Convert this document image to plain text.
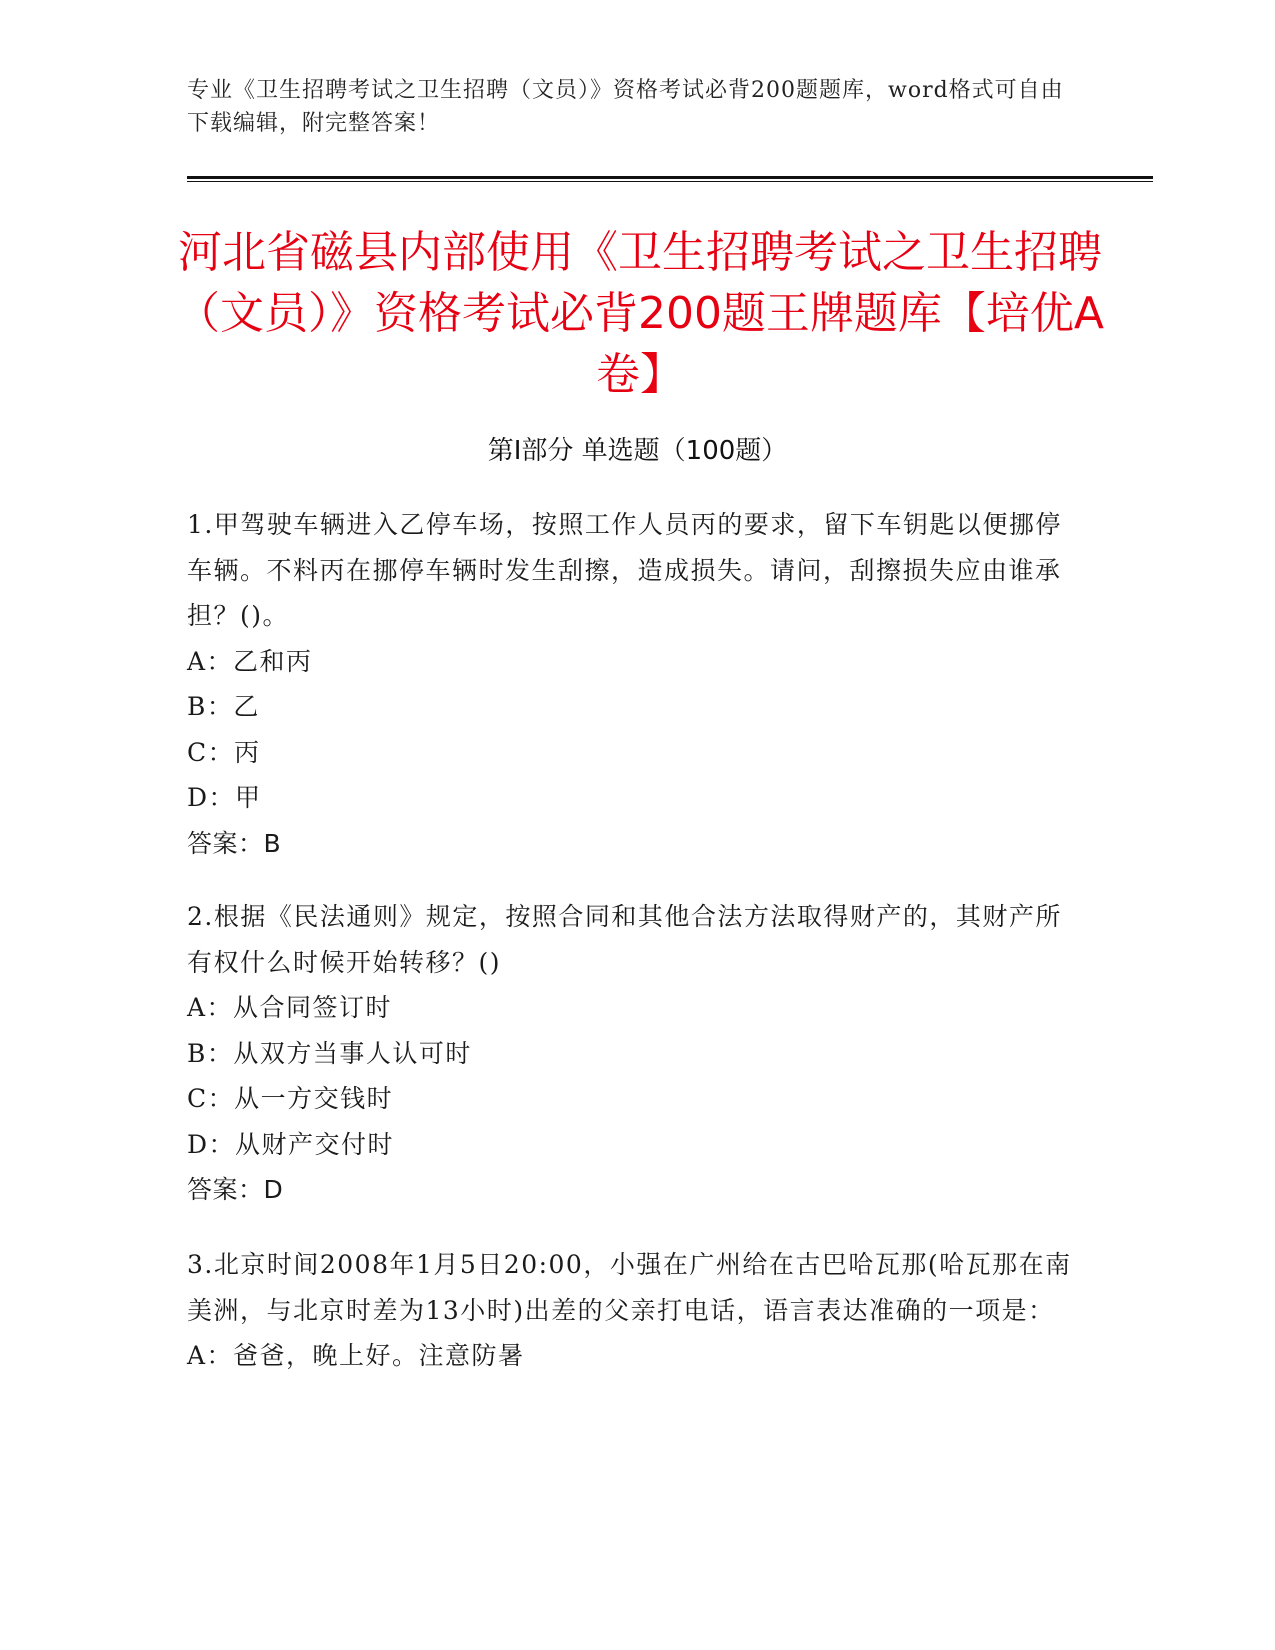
专业《卫生招聘考试之卫生招聘（文员）》资格考试必背200题题库，word格式可自由下载编辑，附完整答案！
河北省磁县内部使用《卫生招聘考试之卫生招聘（文员）》资格考试必背200题王牌题库【培优A卷】
第I部分 单选题（100题）

1.甲驾驶车辆进入乙停车场，按照工作人员丙的要求，留下车钥匙以便挪停车辆。不料丙在挪停车辆时发生刮擦，造成损失。请问，刮擦损失应由谁承担？()。

A：乙和丙

B：乙

C：丙

D：甲

答案：B

2.根据《民法通则》规定，按照合同和其他合法方法取得财产的，其财产所有权什么时候开始转移？()

A：从合同签订时

B：从双方当事人认可时

C：从一方交钱时

D：从财产交付时

答案：D

3.北京时间2008年1月5日20:00，小强在广州给在古巴哈瓦那(哈瓦那在南美洲，与北京时差为13小时)出差的父亲打电话，语言表达准确的一项是：

A：爸爸，晚上好。注意防暑
